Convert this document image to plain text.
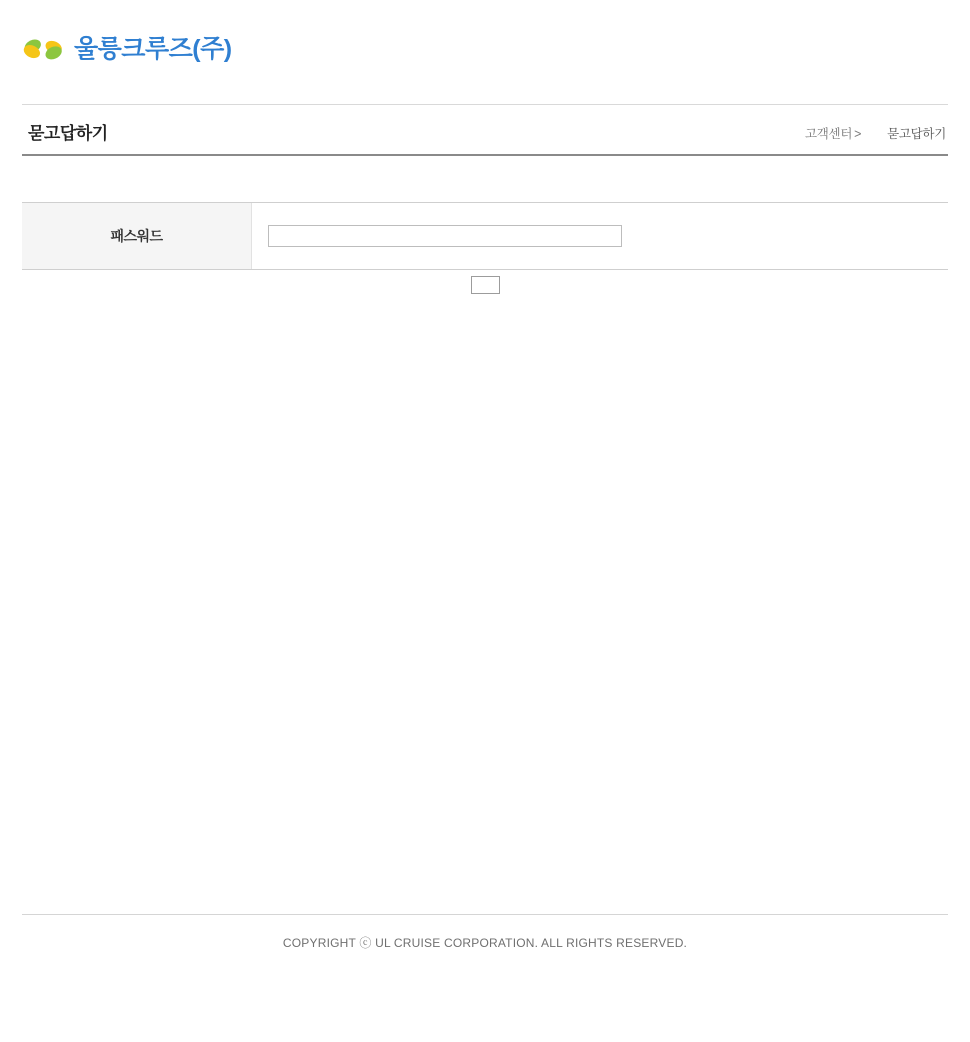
울릉크루즈(주)
묻고답하기	고객센터 > 묻고답하기
패스워드
COPYRIGHT ⓒ UL CRUISE CORPORATION. ALL RIGHTS RESERVED.
